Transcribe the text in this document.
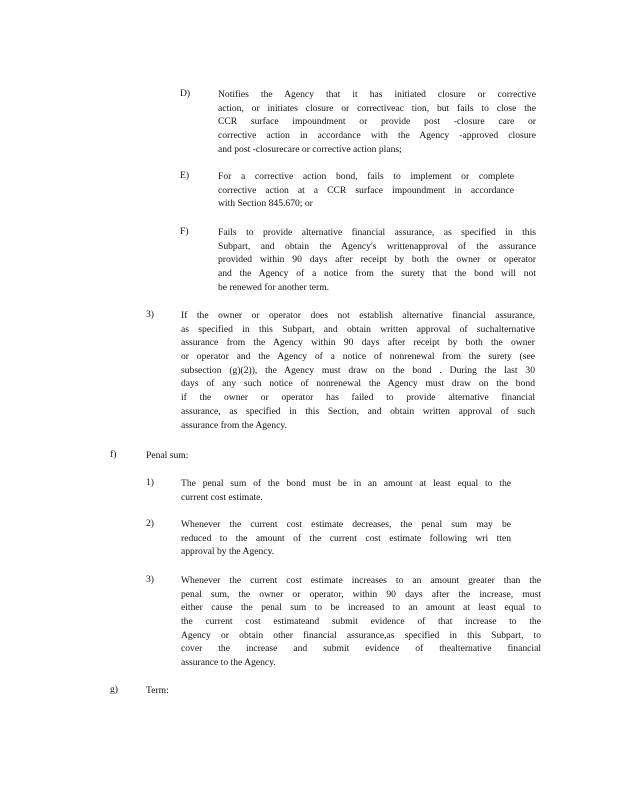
D)	Notifies the Agency that it has initiated closure or corrective
action, or initiates closure or correctiveac tion, but fails to close the
CCR surface impoundment or provide post -closure care or
corrective action in accordance with the Agency -approved closure
and post -closurecare or corrective action plans;
E)	For a corrective action bond, fails to implement or complete
corrective action at a CCR surface impoundment in accordance
with Section 845.670; or
F)	Fails to provide alternative financial assurance, as specified in this
Subpart, and obtain the Agency's writtenapproval of the assurance
provided within 90 days after receipt by both the owner or operator
and the Agency of a notice from the surety that the bond will not
be renewed for another term.
3)	If the owner or operator does not establish alternative financial assurance,
as specified in this Subpart, and obtain written approval of suchalternative
assurance from the Agency within 90 days after receipt by both the owner
or operator and the Agency of a notice of nonrenewal from the surety (see
subsection (g)(2)), the Agency must draw on the bond . During the last 30
days of any such notice of nonrenewal the Agency must draw on the bond
if the owner or operator has failed to provide alternative financial
assurance, as specified in this Section, and obtain written approval of such
assurance from the Agency.
f)	Penal sum:
1)	The penal sum of the bond must be in an amount at least equal to the
current cost estimate.
2)	Whenever the current cost estimate decreases, the penal sum may be
reduced to the amount of the current cost estimate following wri tten
approval by the Agency.
3)	Whenever the current cost estimate increases to an amount greater than the
penal sum, the owner or operator, within 90 days after the increase, must
either cause the penal sum to be increased to an amount at least equal to
the current cost estimateand submit evidence of that increase to the
Agency or obtain other financial assurance,as specified in this Subpart, to
cover the increase and submit evidence of thealternative financial
assurance to the Agency.
g)	Term:
